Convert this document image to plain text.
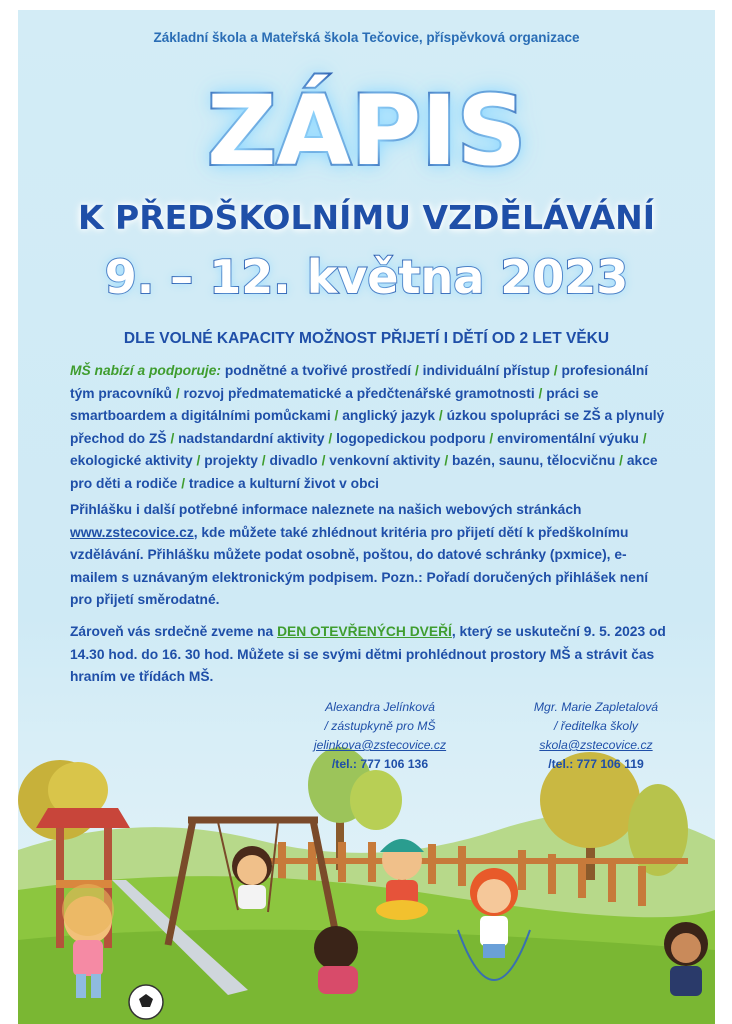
Základní škola a Mateřská škola Tečovice, příspěvková organizace
ZÁPIS
K PŘEDŠKOLNÍMU VZDĚLÁVÁNÍ
9. – 12. května 2023
DLE VOLNÉ KAPACITY MOŽNOST PŘIJETÍ I DĚTÍ OD 2 LET VĚKU
MŠ nabízí a podporuje: podnětné a tvořivé prostředí / individuální přístup / profesionální tým pracovníků / rozvoj předmatematické a předčtenářské gramotnosti / práci se smartboardem a digitálními pomůckami / anglický jazyk / úzkou spolupráci se ZŠ a plynulý přechod do ZŠ / nadstandardní aktivity / logopedickou podporu / enviromentální výuku / ekologické aktivity / projekty / divadlo / venkovní aktivity / bazén, saunu, tělocvičnu / akce pro děti a rodiče / tradice a kulturní život v obci
Přihlášku i další potřebné informace naleznete na našich webových stránkách www.zstecovice.cz, kde můžete také zhlédnout kritéria pro přijetí dětí k předškolnímu vzdělávání. Přihlášku můžete podat osobně, poštou, do datové schránky (pxmice), e-mailem s uznávaným elektronickým podpisem. Pozn.: Pořadí doručených přihlášek není pro přijetí směrodatné.
Zároveň vás srdečně zveme na DEN OTEVŘENÝCH DVEŘÍ, který se uskuteční 9. 5. 2023 od 14.30 hod. do 16. 30 hod. Můžete si se svými dětmi prohlédnout prostory MŠ a strávit čas hraním ve třídách MŠ.
Alexandra Jelínková
/ zástupkyně pro MŠ
jelinkova@zstecovice.cz
/tel.: 777 106 136
Mgr. Marie Zapletalová
/ ředitelka školy
skola@zstecovice.cz
/tel.: 777 106 119
